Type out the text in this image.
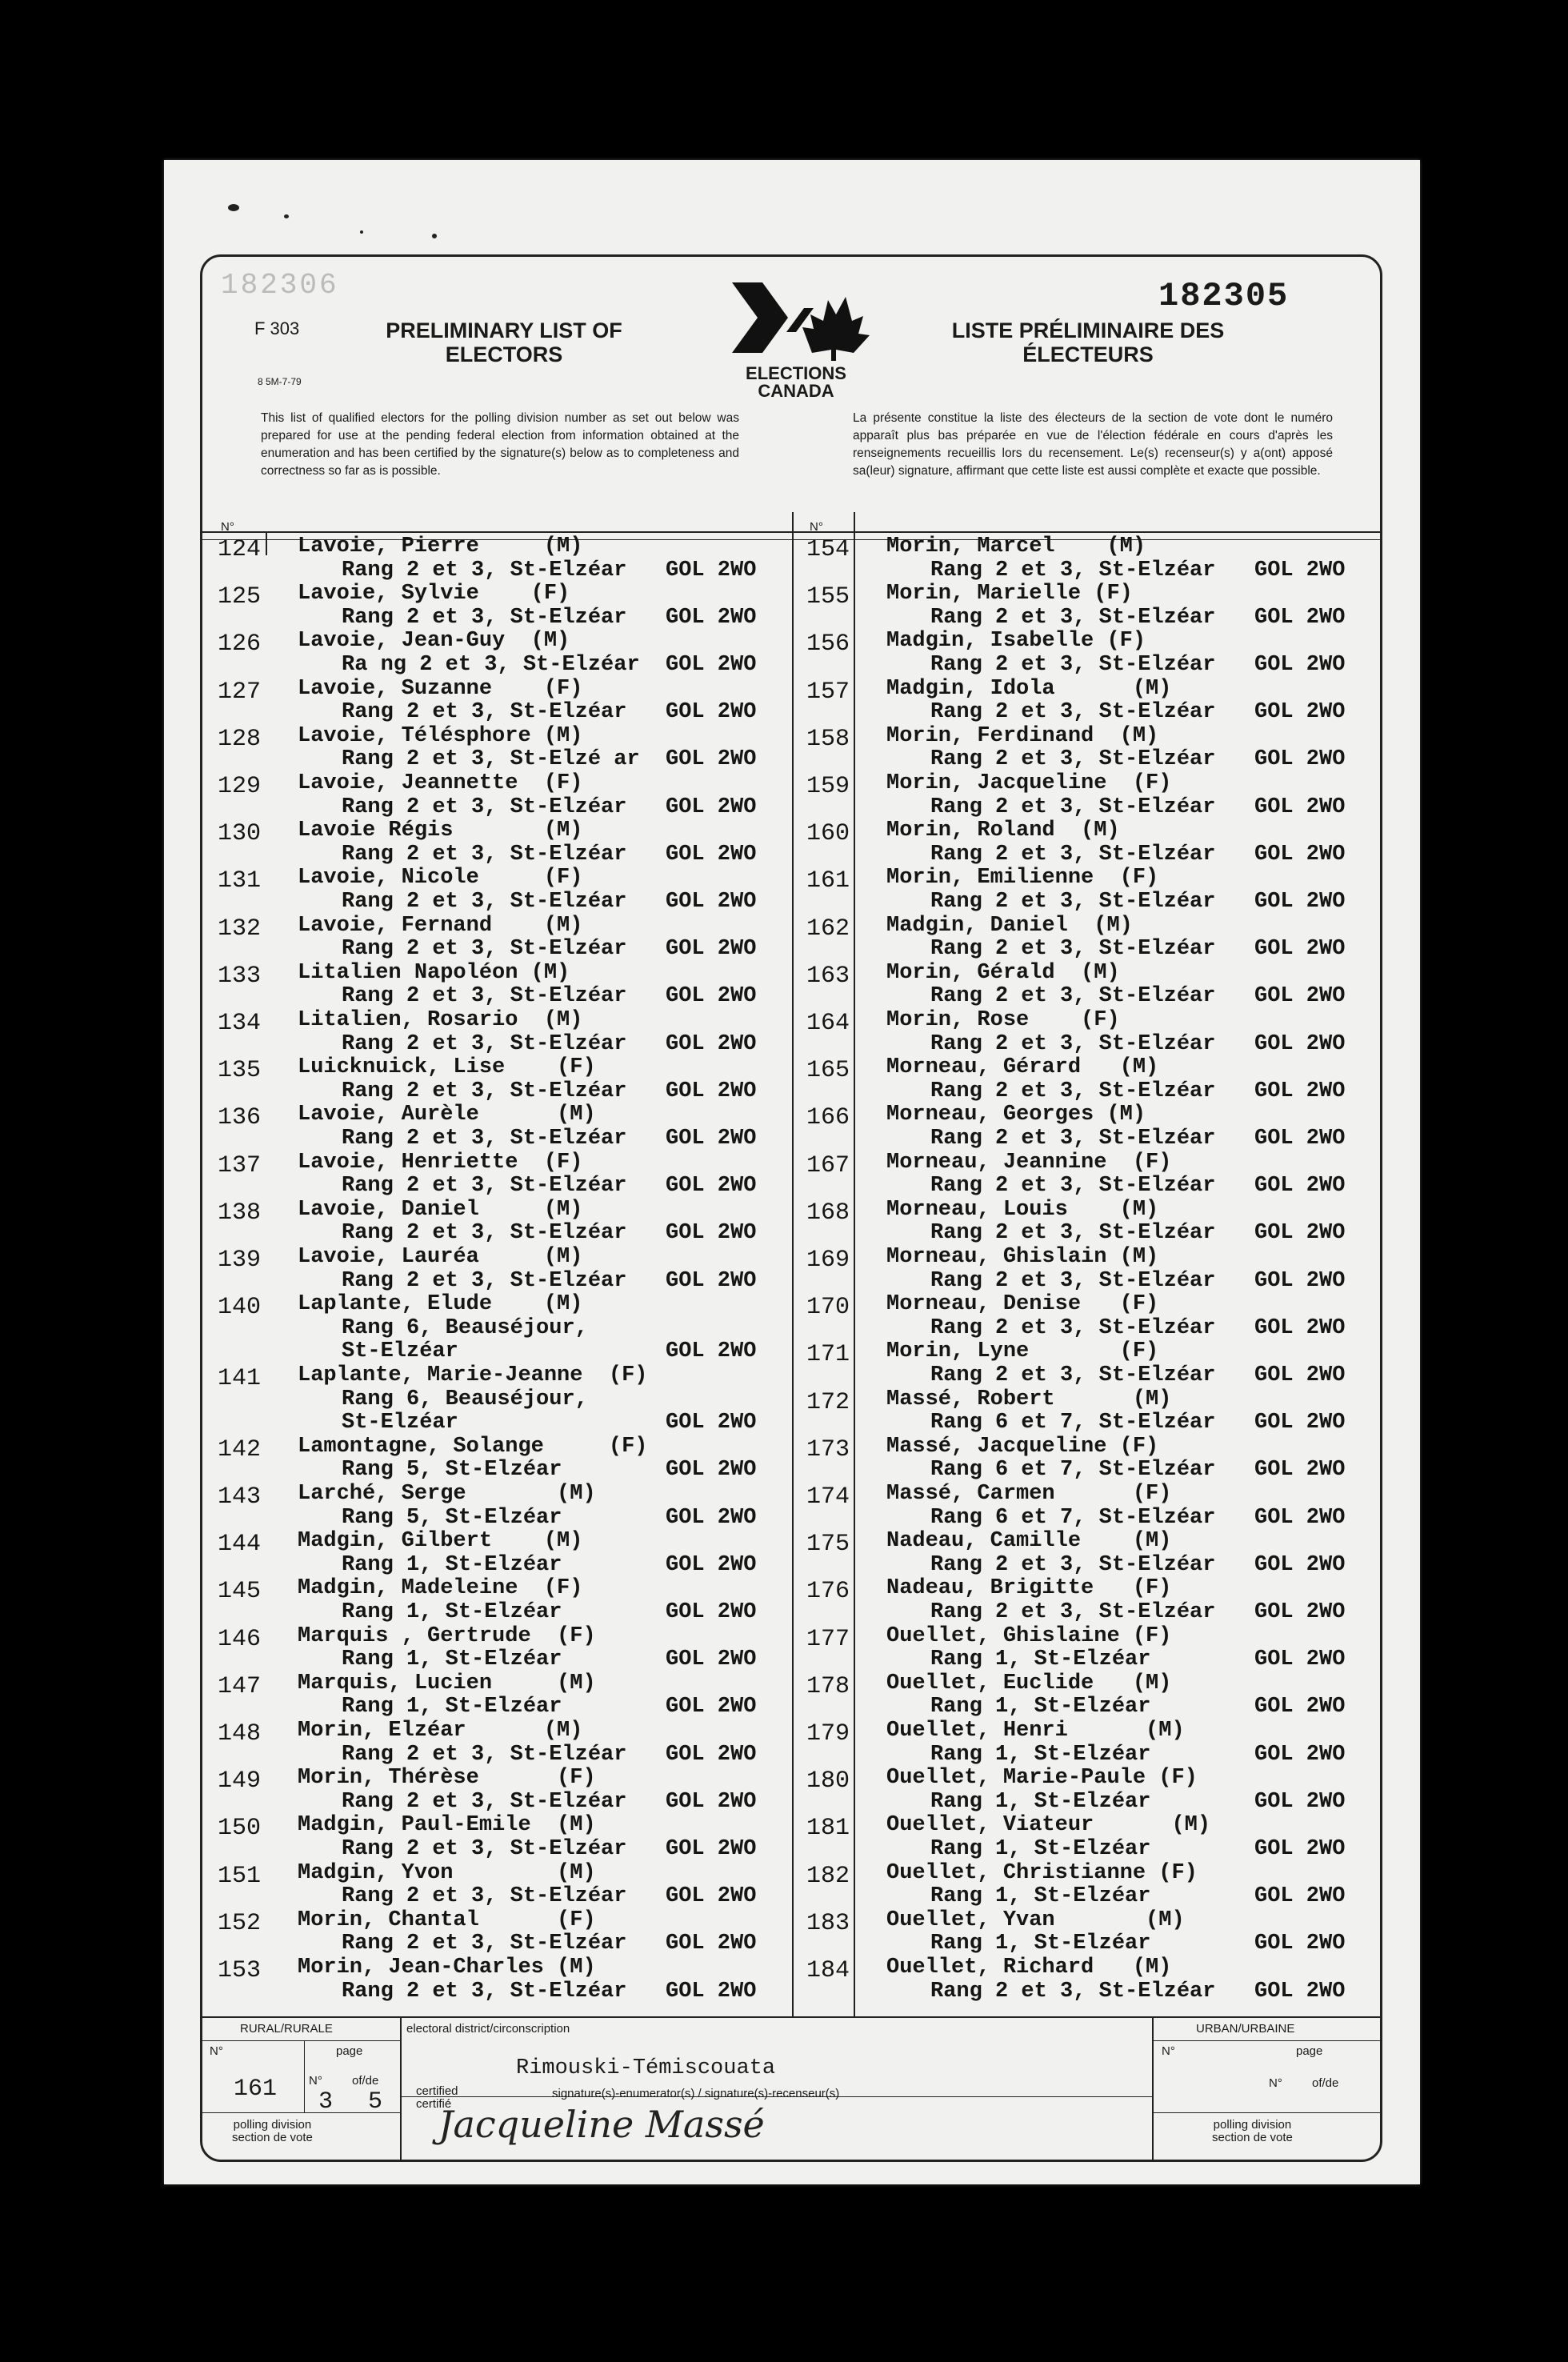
182306
F 303
8 5M-7-79
PRELIMINARY LIST OF
ELECTORS
ELECTIONS
CANADA
182305
LISTE PRÉLIMINAIRE DES
ÉLECTEURS
This list of qualified electors for the polling division number as set out below was prepared for use at the pending federal election from information obtained at the enumeration and has been certified by the signature(s) below as to completeness and correctness so far as is possible.
La présente constitue la liste des électeurs de la section de vote dont le numéro apparaît plus bas préparée en vue de l'élection fédérale en cours d'après les renseignements recueillis lors du recensement. Le(s) recenseur(s) y a(ont) apposé sa(leur) signature, affirmant que cette liste est aussi complète et exacte que possible.
N°	N°
124 Lavoie, Pierre     (M)
Rang 2 et 3, St-Elzéar GOL 2WO
125 Lavoie, Sylvie    (F)
Rang 2 et 3, St-Elzéar GOL 2WO
126 Lavoie, Jean-Guy  (M)
Ra ng 2 et 3, St-Elzéar GOL 2WO
127 Lavoie, Suzanne    (F)
Rang 2 et 3, St-Elzéar GOL 2WO
128 Lavoie, Télésphore (M)
Rang 2 et 3, St-Elzé ar GOL 2WO
129 Lavoie, Jeannette  (F)
Rang 2 et 3, St-Elzéar GOL 2WO
130 Lavoie Régis       (M)
Rang 2 et 3, St-Elzéar GOL 2WO
131 Lavoie, Nicole     (F)
Rang 2 et 3, St-Elzéar GOL 2WO
132 Lavoie, Fernand    (M)
Rang 2 et 3, St-Elzéar GOL 2WO
133 Litalien Napoléon (M)
Rang 2 et 3, St-Elzéar GOL 2WO
134 Litalien, Rosario  (M)
Rang 2 et 3, St-Elzéar GOL 2WO
135 Luicknuick, Lise    (F)
Rang 2 et 3, St-Elzéar GOL 2WO
136 Lavoie, Aurèle      (M)
Rang 2 et 3, St-Elzéar GOL 2WO
137 Lavoie, Henriette  (F)
Rang 2 et 3, St-Elzéar GOL 2WO
138 Lavoie, Daniel     (M)
Rang 2 et 3, St-Elzéar GOL 2WO
139 Lavoie, Lauréa     (M)
Rang 2 et 3, St-Elzéar GOL 2WO
140 Laplante, Elude    (M)
Rang 6, Beauséjour,
St-Elzéar	GOL 2WO
141 Laplante, Marie-Jeanne  (F)
Rang 6, Beauséjour,
St-Elzéar	GOL 2WO
142 Lamontagne, Solange     (F)
Rang 5, St-Elzéar	GOL 2WO
143 Larché, Serge       (M)
Rang 5, St-Elzéar	GOL 2WO
144 Madgin, Gilbert    (M)
Rang 1, St-Elzéar	GOL 2WO
145 Madgin, Madeleine  (F)
Rang 1, St-Elzéar	GOL 2WO
146 Marquis , Gertrude  (F)
Rang 1, St-Elzéar	GOL 2WO
147 Marquis, Lucien     (M)
Rang 1, St-Elzéar	GOL 2WO
148 Morin, Elzéar      (M)
Rang 2 et 3, St-Elzéar GOL 2WO
149 Morin, Thérèse      (F)
Rang 2 et 3, St-Elzéar GOL 2WO
150 Madgin, Paul-Emile  (M)
Rang 2 et 3, St-Elzéar GOL 2WO
151 Madgin, Yvon        (M)
Rang 2 et 3, St-Elzéar GOL 2WO
152 Morin, Chantal      (F)
Rang 2 et 3, St-Elzéar GOL 2WO
153 Morin, Jean-Charles (M)
Rang 2 et 3, St-Elzéar GOL 2WO
154 Morin, Marcel    (M)
Rang 2 et 3, St-Elzéar GOL 2WO
155 Morin, Marielle (F)
Rang 2 et 3, St-Elzéar GOL 2WO
156 Madgin, Isabelle (F)
Rang 2 et 3, St-Elzéar GOL 2WO
157 Madgin, Idola      (M)
Rang 2 et 3, St-Elzéar GOL 2WO
158 Morin, Ferdinand  (M)
Rang 2 et 3, St-Elzéar GOL 2WO
159 Morin, Jacqueline  (F)
Rang 2 et 3, St-Elzéar GOL 2WO
160 Morin, Roland  (M)
Rang 2 et 3, St-Elzéar GOL 2WO
161 Morin, Emilienne  (F)
Rang 2 et 3, St-Elzéar GOL 2WO
162 Madgin, Daniel  (M)
Rang 2 et 3, St-Elzéar GOL 2WO
163 Morin, Gérald  (M)
Rang 2 et 3, St-Elzéar GOL 2WO
164 Morin, Rose    (F)
Rang 2 et 3, St-Elzéar GOL 2WO
165 Morneau, Gérard   (M)
Rang 2 et 3, St-Elzéar GOL 2WO
166 Morneau, Georges (M)
Rang 2 et 3, St-Elzéar GOL 2WO
167 Morneau, Jeannine  (F)
Rang 2 et 3, St-Elzéar GOL 2WO
168 Morneau, Louis    (M)
Rang 2 et 3, St-Elzéar GOL 2WO
169 Morneau, Ghislain (M)
Rang 2 et 3, St-Elzéar GOL 2WO
170 Morneau, Denise   (F)
Rang 2 et 3, St-Elzéar GOL 2WO
171 Morin, Lyne       (F)
Rang 2 et 3, St-Elzéar GOL 2WO
172 Massé, Robert      (M)
Rang 6 et 7, St-Elzéar GOL 2WO
173 Massé, Jacqueline (F)
Rang 6 et 7, St-Elzéar GOL 2WO
174 Massé, Carmen      (F)
Rang 6 et 7, St-Elzéar GOL 2WO
175 Nadeau, Camille    (M)
Rang 2 et 3, St-Elzéar GOL 2WO
176 Nadeau, Brigitte   (F)
Rang 2 et 3, St-Elzéar GOL 2WO
177 Ouellet, Ghislaine (F)
Rang 1, St-Elzéar	GOL 2WO
178 Ouellet, Euclide   (M)
Rang 1, St-Elzéar	GOL 2WO
179 Ouellet, Henri      (M)
Rang 1, St-Elzéar	GOL 2WO
180 Ouellet, Marie-Paule (F)
Rang 1, St-Elzéar	GOL 2WO
181 Ouellet, Viateur      (M)
Rang 1, St-Elzéar	GOL 2WO
182 Ouellet, Christianne (F)
Rang 1, St-Elzéar	GOL 2WO
183 Ouellet, Yvan       (M)
Rang 1, St-Elzéar	GOL 2WO
184 Ouellet, Richard   (M)
Rang 2 et 3, St-Elzéar GOL 2WO
RURAL/RURALE	URBAN/URBAINE
electoral district/circonscription
Rimouski-Témiscouata
N°	page
N° of/de
161 3 5
N°	page
N° of/de
certified
certifié
signature(s)-enumerator(s) / signature(s)-recenseur(s)
Jacqueline Massé
polling division
section de vote
polling division
section de vote
